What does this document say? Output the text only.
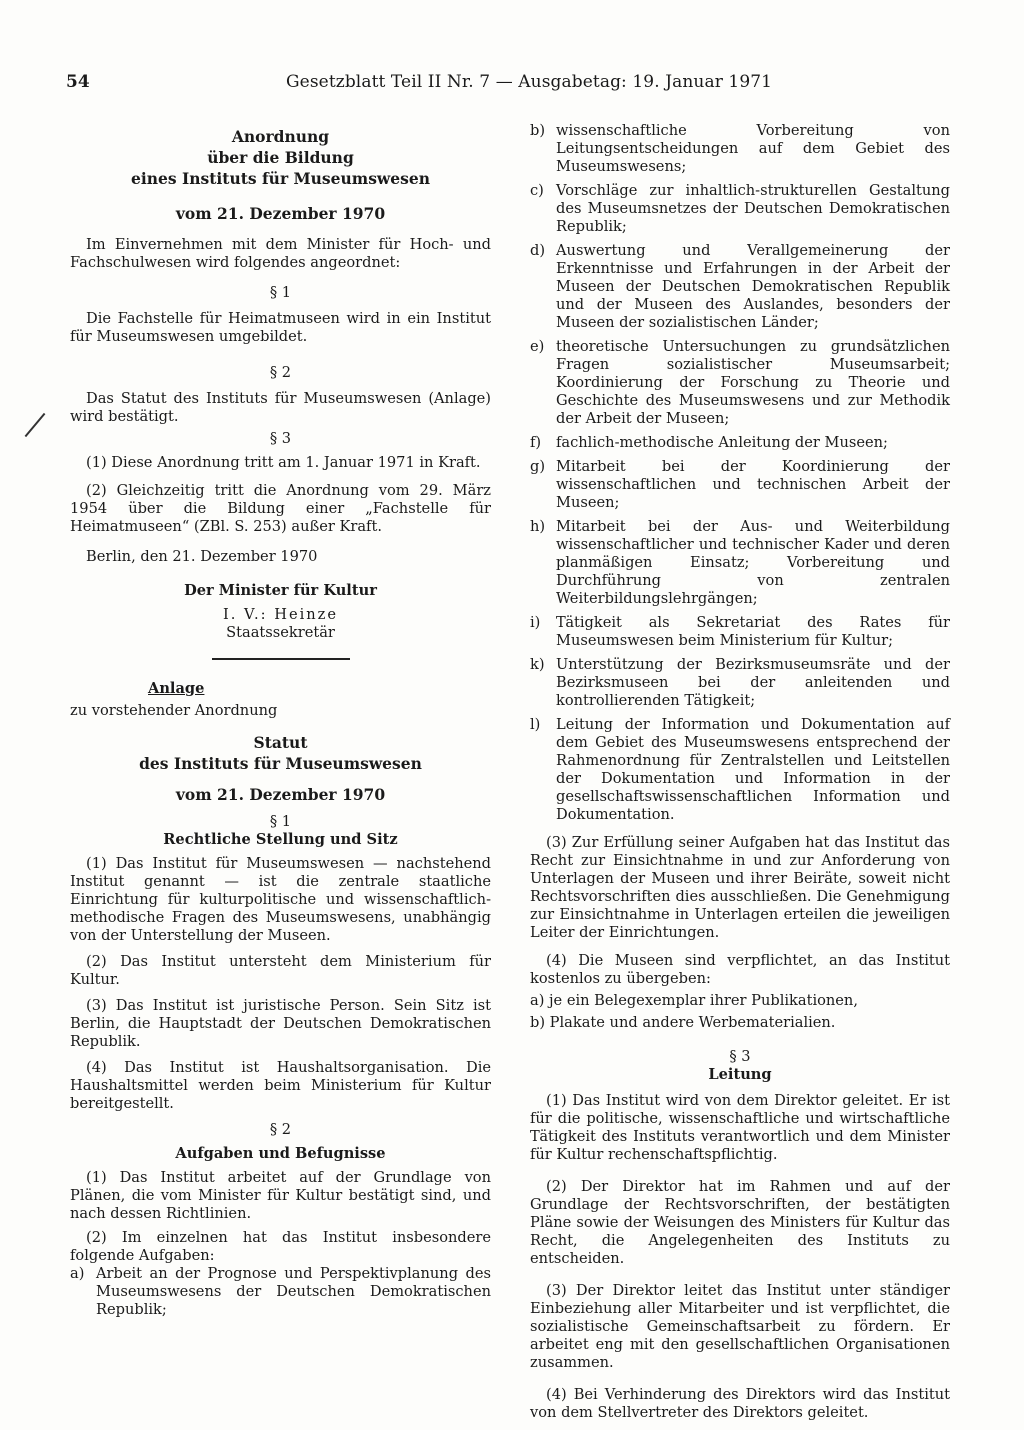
54	Gesetzblatt Teil II Nr. 7 — Ausgabetag: 19. Januar 1971
Anordnung
über die Bildung
eines Instituts für Museumswesen
vom 21. Dezember 1970

Im Einvernehmen mit dem Minister für Hoch- und Fachschulwesen wird folgendes angeordnet:

§ 1

Die Fachstelle für Heimatmuseen wird in ein Institut für Museumswesen umgebildet.

§ 2

Das Statut des Instituts für Museumswesen (Anlage) wird bestätigt.

§ 3

(1) Diese Anordnung tritt am 1. Januar 1971 in Kraft.

(2) Gleichzeitig tritt die Anordnung vom 29. März 1954 über die Bildung einer „Fachstelle für Heimatmuseen“ (ZBl. S. 253) außer Kraft.

Berlin, den 21. Dezember 1970

Der Minister für Kultur
I. V.: Heinze
Staatssekretär
Anlage
zu vorstehender Anordnung
Statut
des Instituts für Museumswesen
vom 21. Dezember 1970
§ 1
Rechtliche Stellung und Sitz

(1) Das Institut für Museumswesen — nachstehend Institut genannt — ist die zentrale staatliche Einrichtung für kulturpolitische und wissenschaftlich-methodische Fragen des Museumswesens, unabhängig von der Unterstellung der Museen.

(2) Das Institut untersteht dem Ministerium für Kultur.

(3) Das Institut ist juristische Person. Sein Sitz ist Berlin, die Hauptstadt der Deutschen Demokratischen Republik.

(4) Das Institut ist Haushaltsorganisation. Die Haushaltsmittel werden beim Ministerium für Kultur bereitgestellt.

§ 2
Aufgaben und Befugnisse

(1) Das Institut arbeitet auf der Grundlage von Plänen, die vom Minister für Kultur bestätigt sind, und nach dessen Richtlinien.

(2) Im einzelnen hat das Institut insbesondere folgende Aufgaben:

a) Arbeit an der Prognose und Perspektivplanung des Museumswesens der Deutschen Demokratischen Republik;
b) wissenschaftliche Vorbereitung von Leitungsentscheidungen auf dem Gebiet des Museumswesens;
c) Vorschläge zur inhaltlich-strukturellen Gestaltung des Museumsnetzes der Deutschen Demokratischen Republik;
d) Auswertung und Verallgemeinerung der Erkenntnisse und Erfahrungen in der Arbeit der Museen der Deutschen Demokratischen Republik und der Museen des Auslandes, besonders der Museen der sozialistischen Länder;
e) theoretische Untersuchungen zu grundsätzlichen Fragen sozialistischer Museumsarbeit; Koordinierung der Forschung zu Theorie und Geschichte des Museumswesens und zur Methodik der Arbeit der Museen;
f)	fachlich-methodische Anleitung der Museen;
g) Mitarbeit bei der Koordinierung der wissenschaftlichen und technischen Arbeit der Museen;
h) Mitarbeit bei der Aus- und Weiterbildung wissenschaftlicher und technischer Kader und deren planmäßigen Einsatz; Vorbereitung und Durchführung von zentralen Weiterbildungslehrgängen;
i)	Tätigkeit als Sekretariat des Rates für Museumswesen beim Ministerium für Kultur;
k) Unterstützung der Bezirksmuseumsräte und der Bezirksmuseen bei der anleitenden und kontrollierenden Tätigkeit;
l)	Leitung der Information und Dokumentation auf dem Gebiet des Museumswesens entsprechend der Rahmenordnung für Zentralstellen und Leitstellen der Dokumentation und Information in der gesellschaftswissenschaftlichen Information und Dokumentation.

(3) Zur Erfüllung seiner Aufgaben hat das Institut das Recht zur Einsichtnahme in und zur Anforderung von Unterlagen der Museen und ihrer Beiräte, soweit nicht Rechtsvorschriften dies ausschließen. Die Genehmigung zur Einsichtnahme in Unterlagen erteilen die jeweiligen Leiter der Einrichtungen.

(4) Die Museen sind verpflichtet, an das Institut kostenlos zu übergeben:

a) je ein Belegexemplar ihrer Publikationen,

b) Plakate und andere Werbematerialien.

§ 3
Leitung

(1) Das Institut wird von dem Direktor geleitet. Er ist für die politische, wissenschaftliche und wirtschaftliche Tätigkeit des Instituts verantwortlich und dem Minister für Kultur rechenschaftspflichtig.

(2) Der Direktor hat im Rahmen und auf der Grundlage der Rechtsvorschriften, der bestätigten Pläne sowie der Weisungen des Ministers für Kultur das Recht, die Angelegenheiten des Instituts zu entscheiden.

(3) Der Direktor leitet das Institut unter ständiger Einbeziehung aller Mitarbeiter und ist verpflichtet, die sozialistische Gemeinschaftsarbeit zu fördern. Er arbeitet eng mit den gesellschaftlichen Organisationen zusammen.

(4) Bei Verhinderung des Direktors wird das Institut von dem Stellvertreter des Direktors geleitet.
